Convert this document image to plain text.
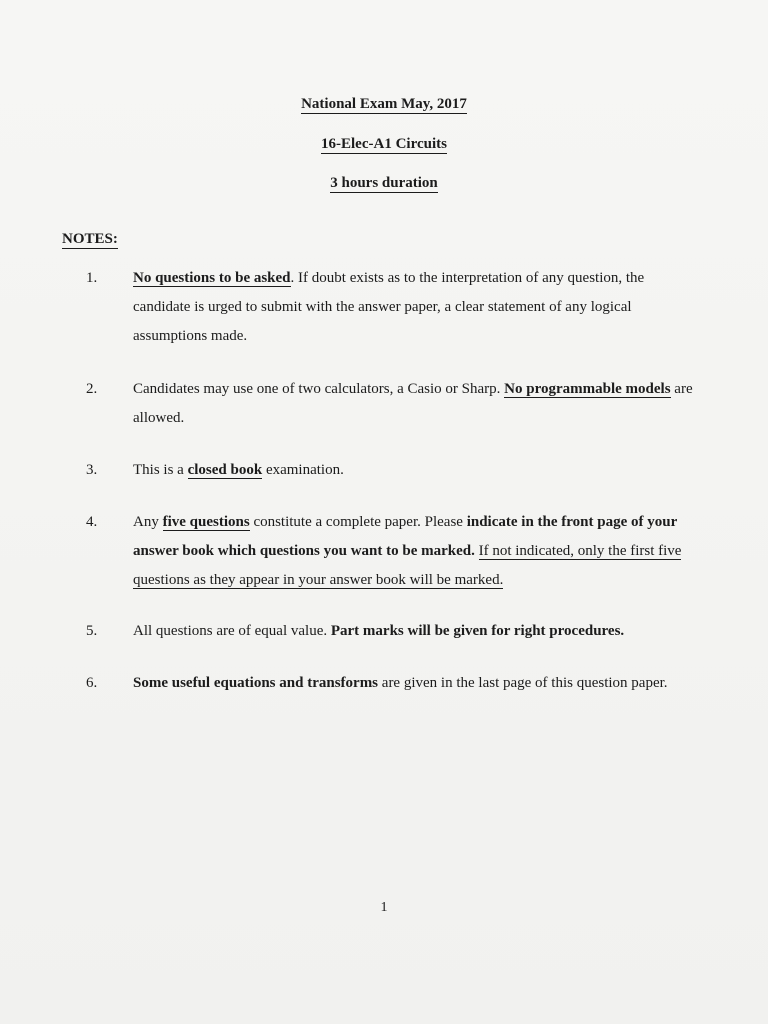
National Exam May, 2017
16-Elec-A1 Circuits
3 hours duration
NOTES:
1. No questions to be asked. If doubt exists as to the interpretation of any question, the candidate is urged to submit with the answer paper, a clear statement of any logical assumptions made.
2. Candidates may use one of two calculators, a Casio or Sharp. No programmable models are allowed.
3. This is a closed book examination.
4. Any five questions constitute a complete paper. Please indicate in the front page of your answer book which questions you want to be marked. If not indicated, only the first five questions as they appear in your answer book will be marked.
5. All questions are of equal value. Part marks will be given for right procedures.
6. Some useful equations and transforms are given in the last page of this question paper.
1
